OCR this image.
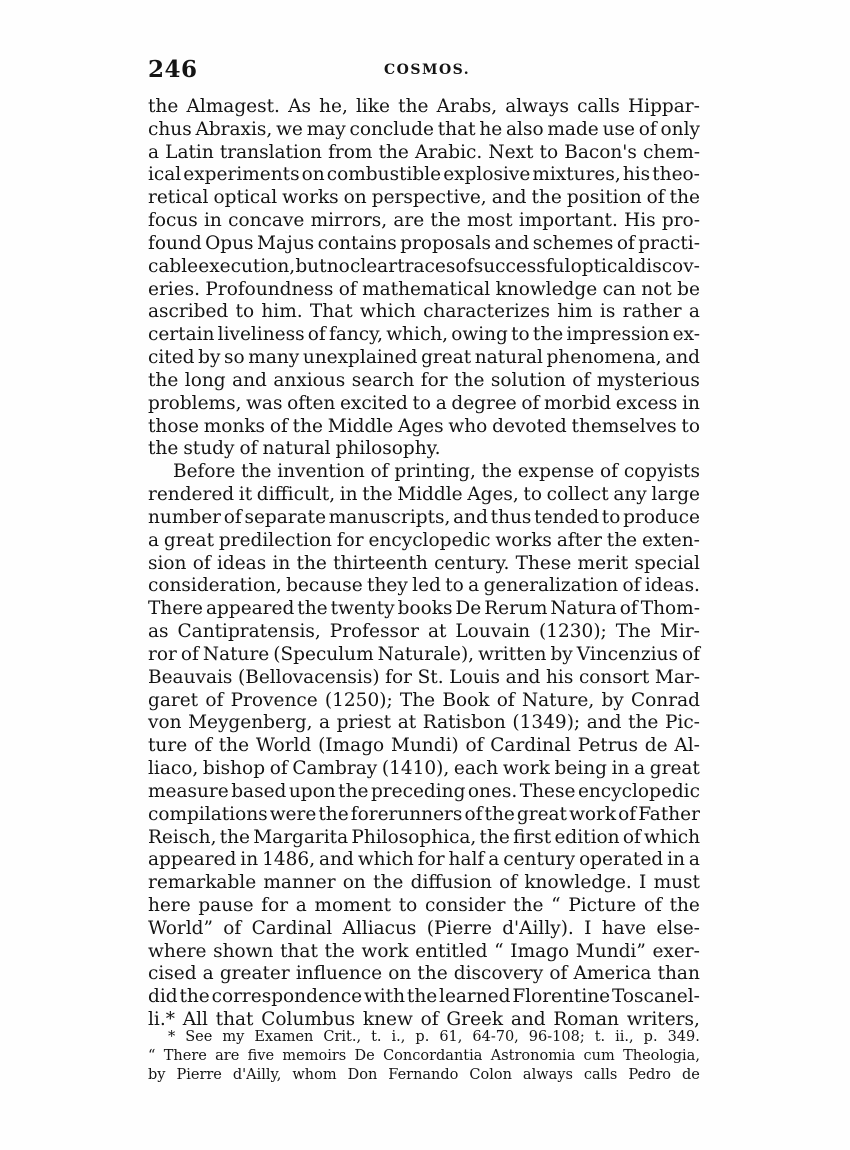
246	COSMOS.
the Almagest. As he, like the Arabs, always calls Hippar-
chus Abraxis, we may conclude that he also made use of only
a Latin translation from the Arabic. Next to Bacon's chem-
ical experiments on combustible explosive mixtures, his theo-
retical optical works on perspective, and the position of the
focus in concave mirrors, are the most important. His pro-
found Opus Majus contains proposals and schemes of practi-
cable execution, but no clear traces of successful optical discov-
eries. Profoundness of mathematical knowledge can not be
ascribed to him. That which characterizes him is rather a
certain liveliness of fancy, which, owing to the impression ex-
cited by so many unexplained great natural phenomena, and
the long and anxious search for the solution of mysterious
problems, was often excited to a degree of morbid excess in
those monks of the Middle Ages who devoted themselves to
the study of natural philosophy.
Before the invention of printing, the expense of copyists
rendered it difficult, in the Middle Ages, to collect any large
number of separate manuscripts, and thus tended to produce
a great predilection for encyclopedic works after the exten-
sion of ideas in the thirteenth century. These merit special
consideration, because they led to a generalization of ideas.
There appeared the twenty books De Rerum Natura of Thom-
as Cantipratensis, Professor at Louvain (1230); The Mir-
ror of Nature (Speculum Naturale), written by Vincenzius of
Beauvais (Bellovacensis) for St. Louis and his consort Mar-
garet of Provence (1250); The Book of Nature, by Conrad
von Meygenberg, a priest at Ratisbon (1349); and the Pic-
ture of the World (Imago Mundi) of Cardinal Petrus de Al-
liaco, bishop of Cambray (1410), each work being in a great
measure based upon the preceding ones. These encyclopedic
compilations were the forerunners of the great work of Father
Reisch, the Margarita Philosophica, the first edition of which
appeared in 1486, and which for half a century operated in a
remarkable manner on the diffusion of knowledge. I must
here pause for a moment to consider the “ Picture of the
World” of Cardinal Alliacus (Pierre d'Ailly). I have else-
where shown that the work entitled “ Imago Mundi” exer-
cised a greater influence on the discovery of America than
did the correspondence with the learned Florentine Toscanel-
li.* All that Columbus knew of Greek and Roman writers,
* See my Examen Crit., t. i., p. 61, 64-70, 96-108; t. ii., p. 349.
“ There are five memoirs De Concordantia Astronomia cum Theologia,
by Pierre d'Ailly, whom Don Fernando Colon always calls Pedro de
